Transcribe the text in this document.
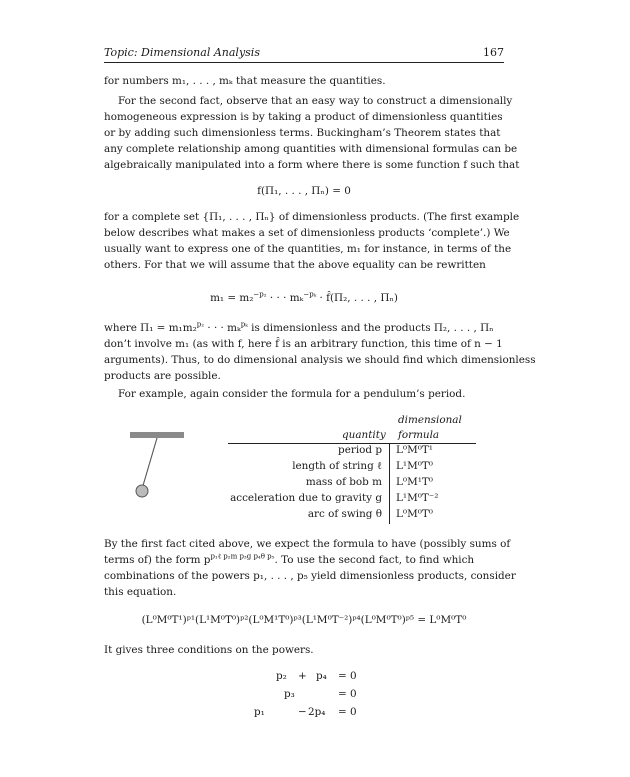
Topic: Dimensional Analysis	167
for numbers m₁, . . . , mₖ that measure the quantities.
For the second fact, observe that an easy way to construct a dimensionally
homogeneous expression is by taking a product of dimensionless quantities
or by adding such dimensionless terms. Buckingham’s Theorem states that
any complete relationship among quantities with dimensional formulas can be
algebraically manipulated into a form where there is some function f such that
f(Π₁, . . . , Πₙ) = 0
for a complete set {Π₁, . . . , Πₙ} of dimensionless products. (The first example
below describes what makes a set of dimensionless products ‘complete’.) We
usually want to express one of the quantities, m₁ for instance, in terms of the
others. For that we will assume that the above equality can be rewritten
m₁ = m₂$^{-p_2}$ · · · mₖ$^{-p_k}$ · f̂(Π₂, . . . , Πₙ)
where Π₁ = m₁m₂$^{p_2}$ · · · mₖ$^{p_k}$ is dimensionless and the products Π₂, . . . , Πₙ
don’t involve m₁ (as with f, here f̂ is an arbitrary function, this time of n − 1
arguments). Thus, to do dimensional analysis we should find which dimensionless
products are possible.
For example, again consider the formula for a pendulum’s period.
dimensional
quantity formula
period p L⁰M⁰T¹
length of string ℓ L¹M⁰T⁰
mass of bob m L⁰M¹T⁰
acceleration due to gravity g L¹M⁰T⁻²
arc of swing θ L⁰M⁰T⁰
By the first fact cited above, we expect the formula to have (possibly sums of
terms of) the form $p^{p_1\ell p_2m p_3g p_4\theta p_5}$. To use the second fact, to find which
combinations of the powers p₁, . . . , p₅ yield dimensionless products, consider
this equation.
(L⁰M⁰T¹)ᵖ¹(L¹M⁰T⁰)ᵖ²(L⁰M¹T⁰)ᵖ³(L¹M⁰T⁻²)ᵖ⁴(L⁰M⁰T⁰)ᵖ⁵ = L⁰M⁰T⁰
It gives three conditions on the powers.
p₂ + p₄ = 0
p₃	= 0
p₁	− 2p₄ = 0
